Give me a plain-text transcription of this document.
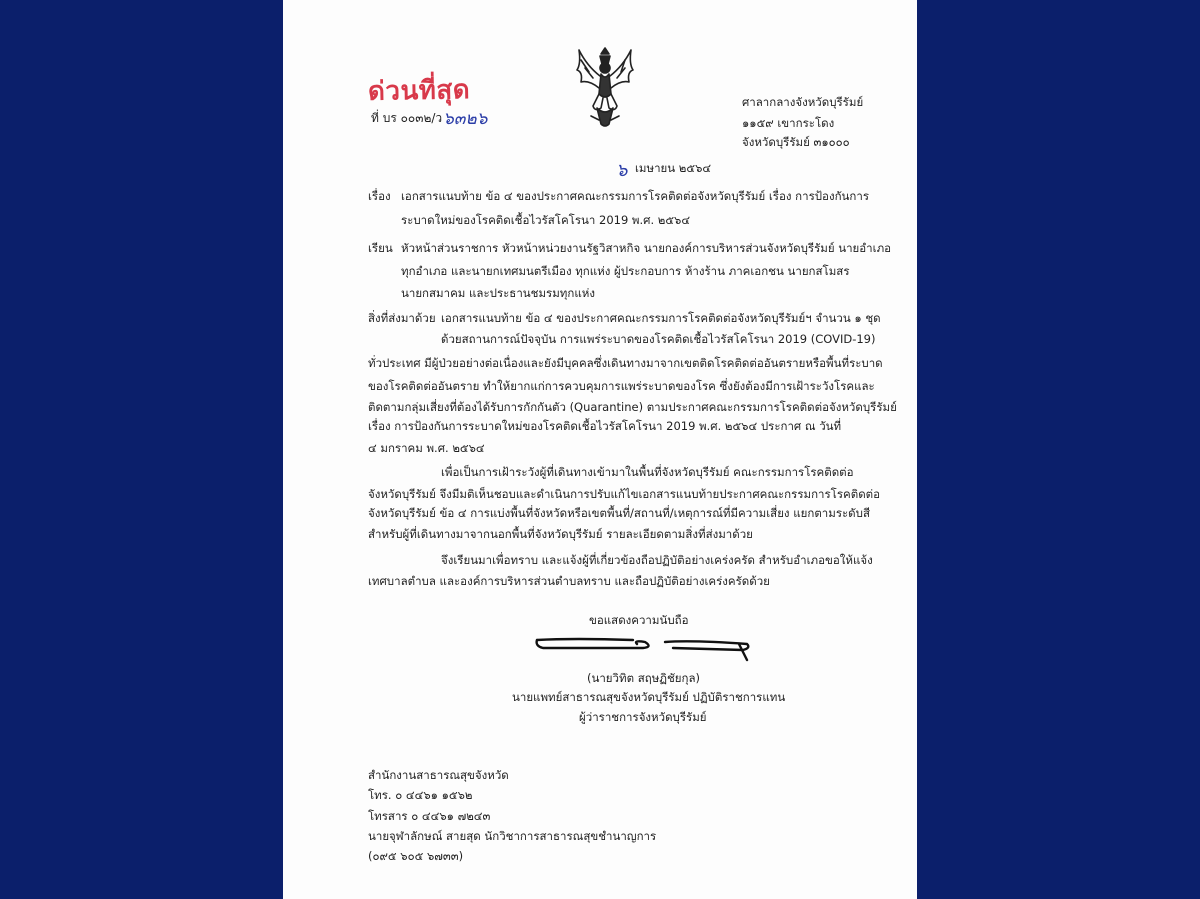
ด่วนที่สุด
ที่ บร ๐๐๓๒/ว ๖๓๒๖
ศาลากลางจังหวัดบุรีรัมย์
๑๑๕๙ เขากระโดง
จังหวัดบุรีรัมย์ ๓๑๐๐๐
๖ เมษายน ๒๕๖๔
เรื่อง เอกสารแนบท้าย ข้อ ๔ ของประกาศคณะกรรมการโรคติดต่อจังหวัดบุรีรัมย์ เรื่อง การป้องกันการ
ระบาดใหม่ของโรคติดเชื้อไวรัสโคโรนา 2019 พ.ศ. ๒๕๖๔
เรียน หัวหน้าส่วนราชการ หัวหน้าหน่วยงานรัฐวิสาหกิจ นายกองค์การบริหารส่วนจังหวัดบุรีรัมย์ นายอำเภอ
ทุกอำเภอ และนายกเทศมนตรีเมือง ทุกแห่ง ผู้ประกอบการ ห้างร้าน ภาคเอกชน นายกสโมสร
นายกสมาคม และประธานชมรมทุกแห่ง
สิ่งที่ส่งมาด้วย เอกสารแนบท้าย ข้อ ๔ ของประกาศคณะกรรมการโรคติดต่อจังหวัดบุรีรัมย์ฯ จำนวน ๑ ชุด
ด้วยสถานการณ์ปัจจุบัน การแพร่ระบาดของโรคติดเชื้อไวรัสโคโรนา 2019 (COVID-19)
ทั่วประเทศ มีผู้ป่วยอย่างต่อเนื่องและยังมีบุคคลซึ่งเดินทางมาจากเขตติดโรคติดต่ออันตรายหรือพื้นที่ระบาด
ของโรคติดต่ออันตราย ทำให้ยากแก่การควบคุมการแพร่ระบาดของโรค ซึ่งยังต้องมีการเฝ้าระวังโรคและ
ติดตามกลุ่มเสี่ยงที่ต้องได้รับการกักกันตัว (Quarantine) ตามประกาศคณะกรรมการโรคติดต่อจังหวัดบุรีรัมย์
เรื่อง การป้องกันการระบาดใหม่ของโรคติดเชื้อไวรัสโคโรนา 2019 พ.ศ. ๒๕๖๔ ประกาศ ณ วันที่
๔ มกราคม พ.ศ. ๒๕๖๔
เพื่อเป็นการเฝ้าระวังผู้ที่เดินทางเข้ามาในพื้นที่จังหวัดบุรีรัมย์ คณะกรรมการโรคติดต่อ
จังหวัดบุรีรัมย์ จึงมีมติเห็นชอบและดำเนินการปรับแก้ไขเอกสารแนบท้ายประกาศคณะกรรมการโรคติดต่อ
จังหวัดบุรีรัมย์ ข้อ ๔ การแบ่งพื้นที่จังหวัดหรือเขตพื้นที่/สถานที่/เหตุการณ์ที่มีความเสี่ยง แยกตามระดับสี
สำหรับผู้ที่เดินทางมาจากนอกพื้นที่จังหวัดบุรีรัมย์ รายละเอียดตามสิ่งที่ส่งมาด้วย
จึงเรียนมาเพื่อทราบ และแจ้งผู้ที่เกี่ยวข้องถือปฏิบัติอย่างเคร่งครัด สำหรับอำเภอขอให้แจ้ง
เทศบาลตำบล และองค์การบริหารส่วนตำบลทราบ และถือปฏิบัติอย่างเคร่งครัดด้วย
ขอแสดงความนับถือ
(นายวิทิต สฤษฏิชัยกุล)
นายแพทย์สาธารณสุขจังหวัดบุรีรัมย์ ปฏิบัติราชการแทน
ผู้ว่าราชการจังหวัดบุรีรัมย์
สำนักงานสาธารณสุขจังหวัด
โทร. ๐ ๔๔๖๑ ๑๕๖๒
โทรสาร ๐ ๔๔๖๑ ๗๒๔๓
นายจุฬาลักษณ์ สายสุด นักวิชาการสาธารณสุขชำนาญการ
(๐๙๕ ๖๐๕ ๖๗๓๓)
